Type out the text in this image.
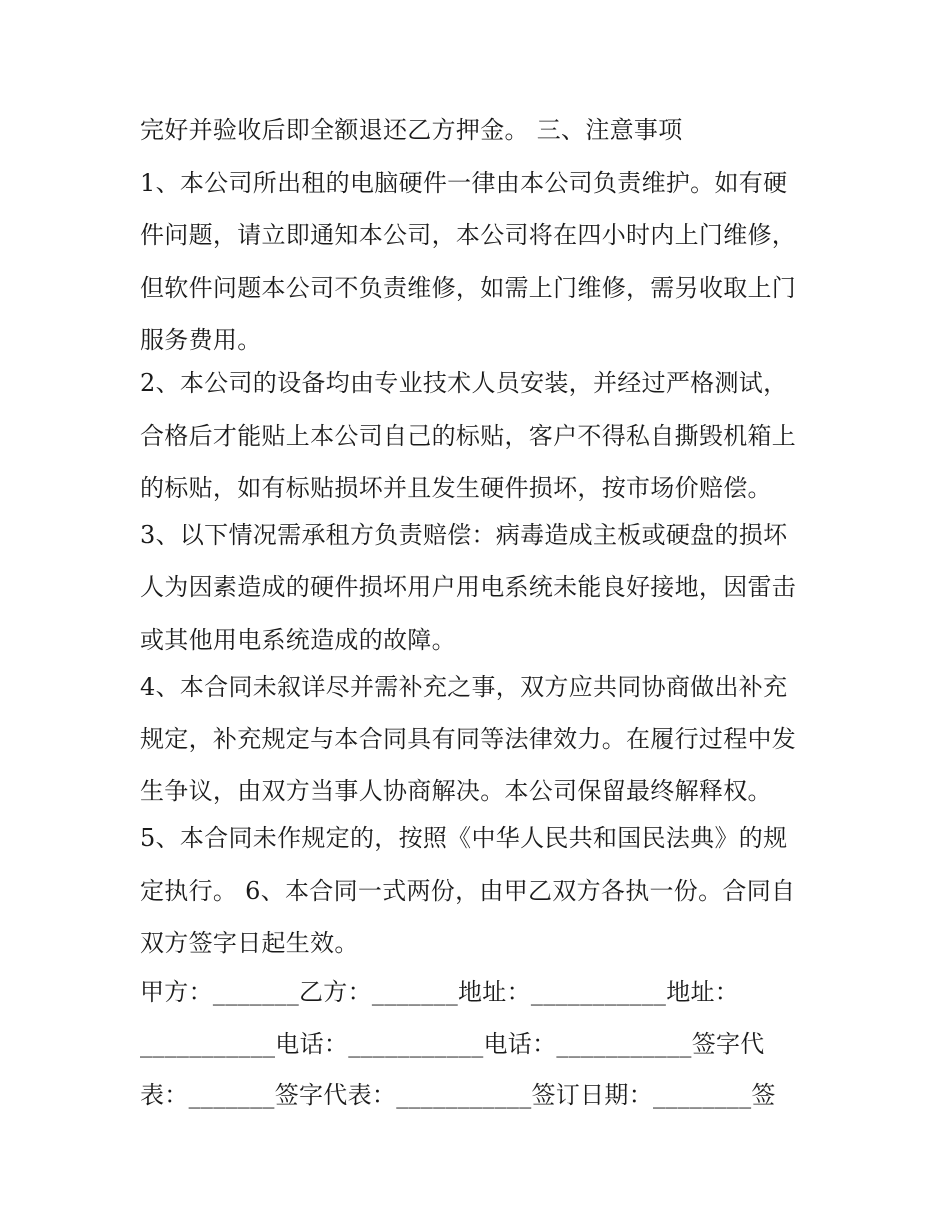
完好并验收后即全额退还乙方押金。 三、注意事项
1、本公司所出租的电脑硬件一律由本公司负责维护。如有硬
件问题，请立即通知本公司，本公司将在四小时内上门维修，
但软件问题本公司不负责维修，如需上门维修，需另收取上门
服务费用。
2、本公司的设备均由专业技术人员安装，并经过严格测试，
合格后才能贴上本公司自己的标贴，客户不得私自撕毁机箱上
的标贴，如有标贴损坏并且发生硬件损坏，按市场价赔偿。
3、以下情况需承租方负责赔偿：病毒造成主板或硬盘的损坏
人为因素造成的硬件损坏用户用电系统未能良好接地，因雷击
或其他用电系统造成的故障。
4、本合同未叙详尽并需补充之事，双方应共同协商做出补充
规定，补充规定与本合同具有同等法律效力。在履行过程中发
生争议，由双方当事人协商解决。本公司保留最终解释权。
5、本合同未作规定的，按照《中华人民共和国民法典》的规
定执行。 6、本合同一式两份，由甲乙双方各执一份。合同自
双方签字日起生效。
甲方：_______乙方：_______地址：___________地址：
___________电话：___________电话：___________签字代
表：_______签字代表：___________签订日期：________签
